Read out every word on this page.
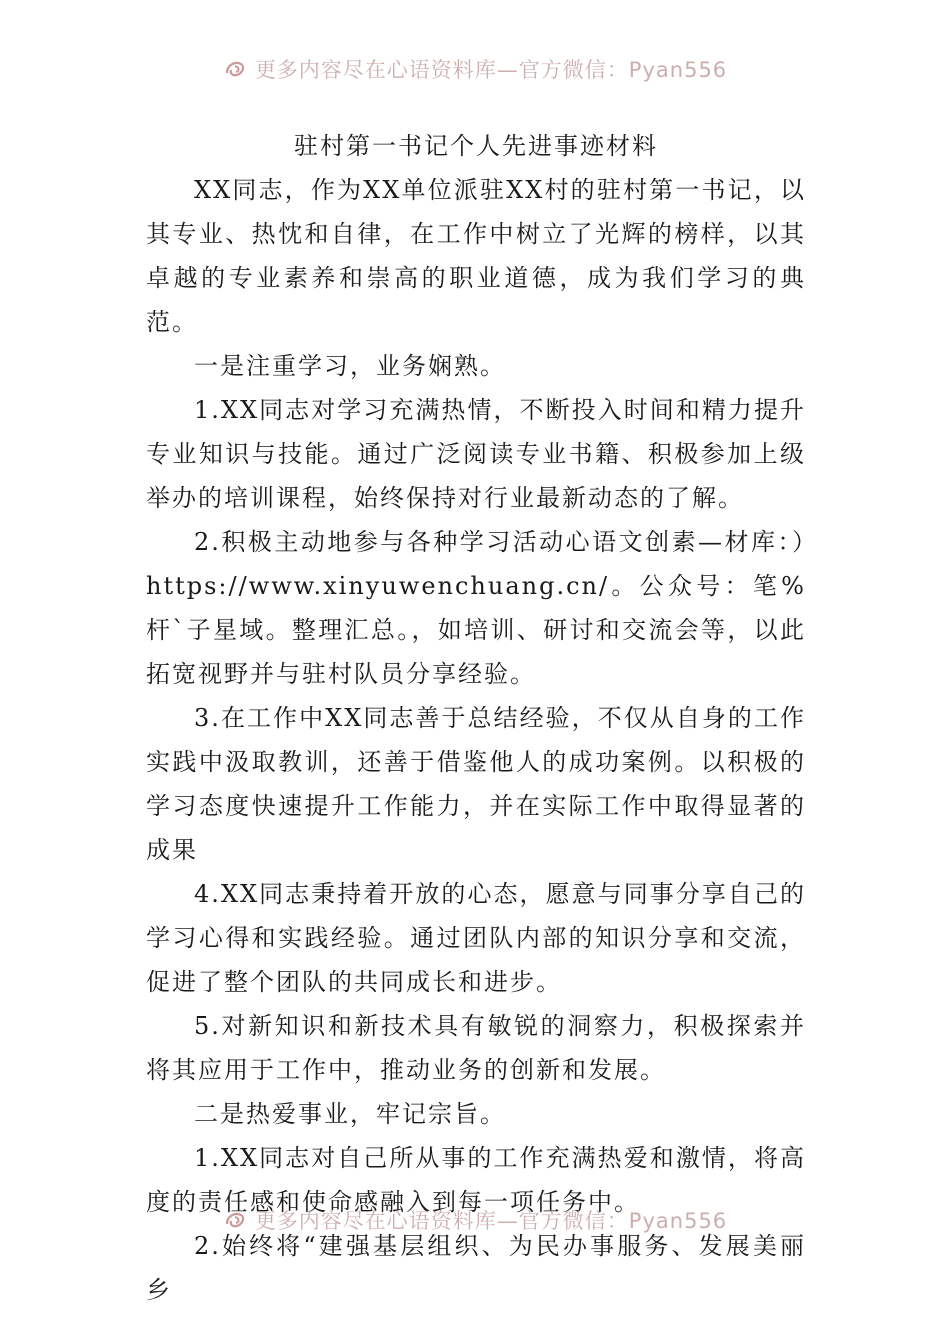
更多内容尽在心语资料库—官方微信：Pyan556
驻村第一书记个人先进事迹材料

XX同志，作为XX单位派驻XX村的驻村第一书记，以其专业、热忱和自律，在工作中树立了光辉的榜样，以其卓越的专业素养和崇高的职业道德，成为我们学习的典范。

一是注重学习，业务娴熟。

1.XX同志对学习充满热情，不断投入时间和精力提升专业知识与技能。通过广泛阅读专业书籍、积极参加上级举办的培训课程，始终保持对行业最新动态的了解。

2.积极主动地参与各种学习活动心语文创素—材库：）https://www.xinyuwenchuang.cn/。公众号：笔%杆`子星域。整理汇总。，如培训、研讨和交流会等，以此拓宽视野并与驻村队员分享经验。

3.在工作中XX同志善于总结经验，不仅从自身的工作实践中汲取教训，还善于借鉴他人的成功案例。以积极的学习态度快速提升工作能力，并在实际工作中取得显著的成果

4.XX同志秉持着开放的心态，愿意与同事分享自己的学习心得和实践经验。通过团队内部的知识分享和交流，促进了整个团队的共同成长和进步。

5.对新知识和新技术具有敏锐的洞察力，积极探索并将其应用于工作中，推动业务的创新和发展。

二是热爱事业，牢记宗旨。

1.XX同志对自己所从事的工作充满热爱和激情，将高度的责任感和使命感融入到每一项任务中。

2.始终将“建强基层组织、为民办事服务、发展美丽乡

更多内容尽在心语资料库—官方微信：Pyan556
